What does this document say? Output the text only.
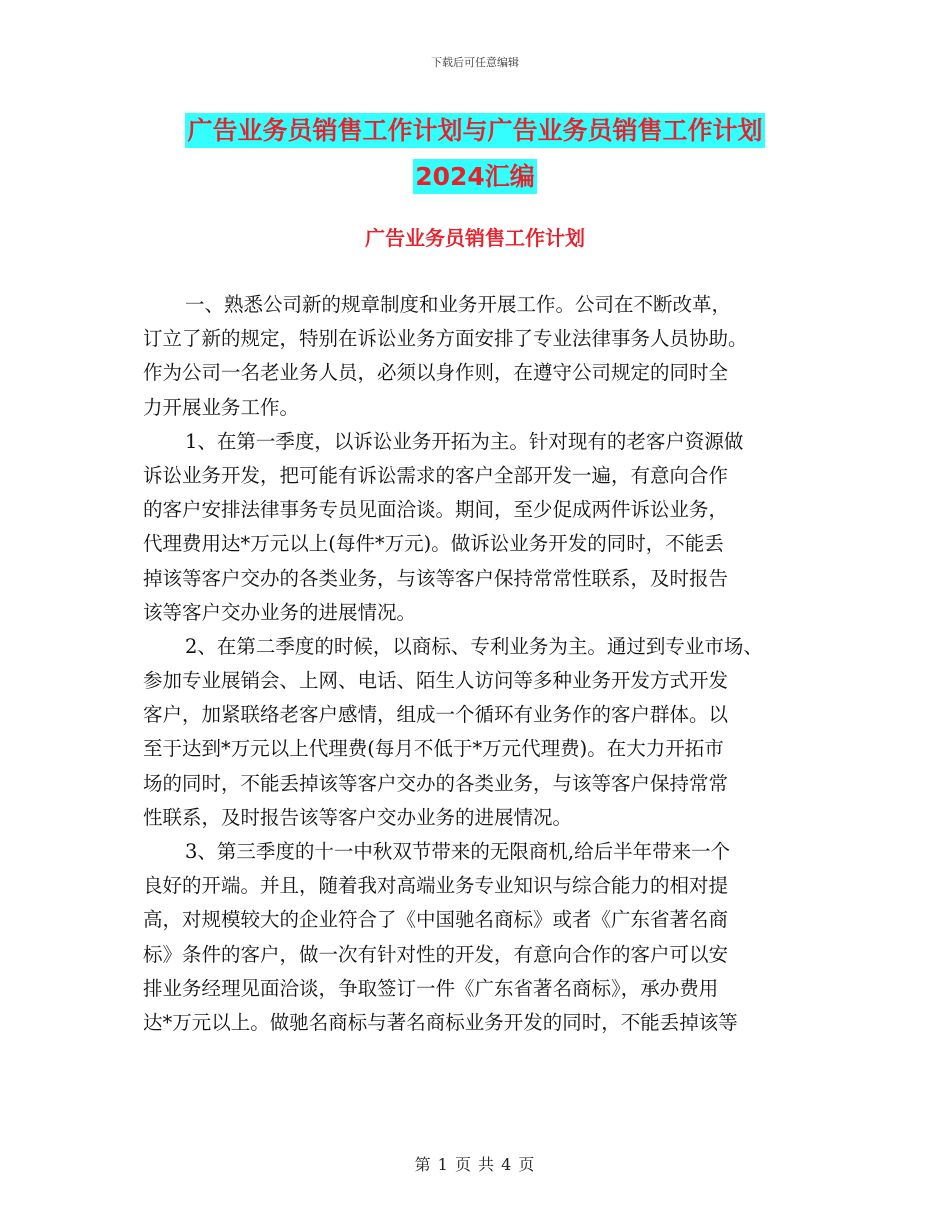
下载后可任意编辑
广告业务员销售工作计划与广告业务员销售工作计划
2024汇编
广告业务员销售工作计划
一、熟悉公司新的规章制度和业务开展工作。公司在不断改革，
订立了新的规定，特别在诉讼业务方面安排了专业法律事务人员协助。
作为公司一名老业务人员，必须以身作则，在遵守公司规定的同时全
力开展业务工作。
1、在第一季度，以诉讼业务开拓为主。针对现有的老客户资源做
诉讼业务开发，把可能有诉讼需求的客户全部开发一遍，有意向合作
的客户安排法律事务专员见面洽谈。期间，至少促成两件诉讼业务，
代理费用达*万元以上(每件*万元)。做诉讼业务开发的同时，不能丢
掉该等客户交办的各类业务，与该等客户保持常常性联系，及时报告
该等客户交办业务的进展情况。
2、在第二季度的时候，以商标、专利业务为主。通过到专业市场、
参加专业展销会、上网、电话、陌生人访问等多种业务开发方式开发
客户，加紧联络老客户感情，组成一个循环有业务作的客户群体。以
至于达到*万元以上代理费(每月不低于*万元代理费)。在大力开拓市
场的同时，不能丢掉该等客户交办的各类业务，与该等客户保持常常
性联系，及时报告该等客户交办业务的进展情况。
3、第三季度的十一中秋双节带来的无限商机,给后半年带来一个
良好的开端。并且，随着我对高端业务专业知识与综合能力的相对提
高，对规模较大的企业符合了《中国驰名商标》或者《广东省著名商
标》条件的客户，做一次有针对性的开发，有意向合作的客户可以安
排业务经理见面洽谈，争取签订一件《广东省著名商标》，承办费用
达*万元以上。做驰名商标与著名商标业务开发的同时，不能丢掉该等
第 1 页 共 4 页
